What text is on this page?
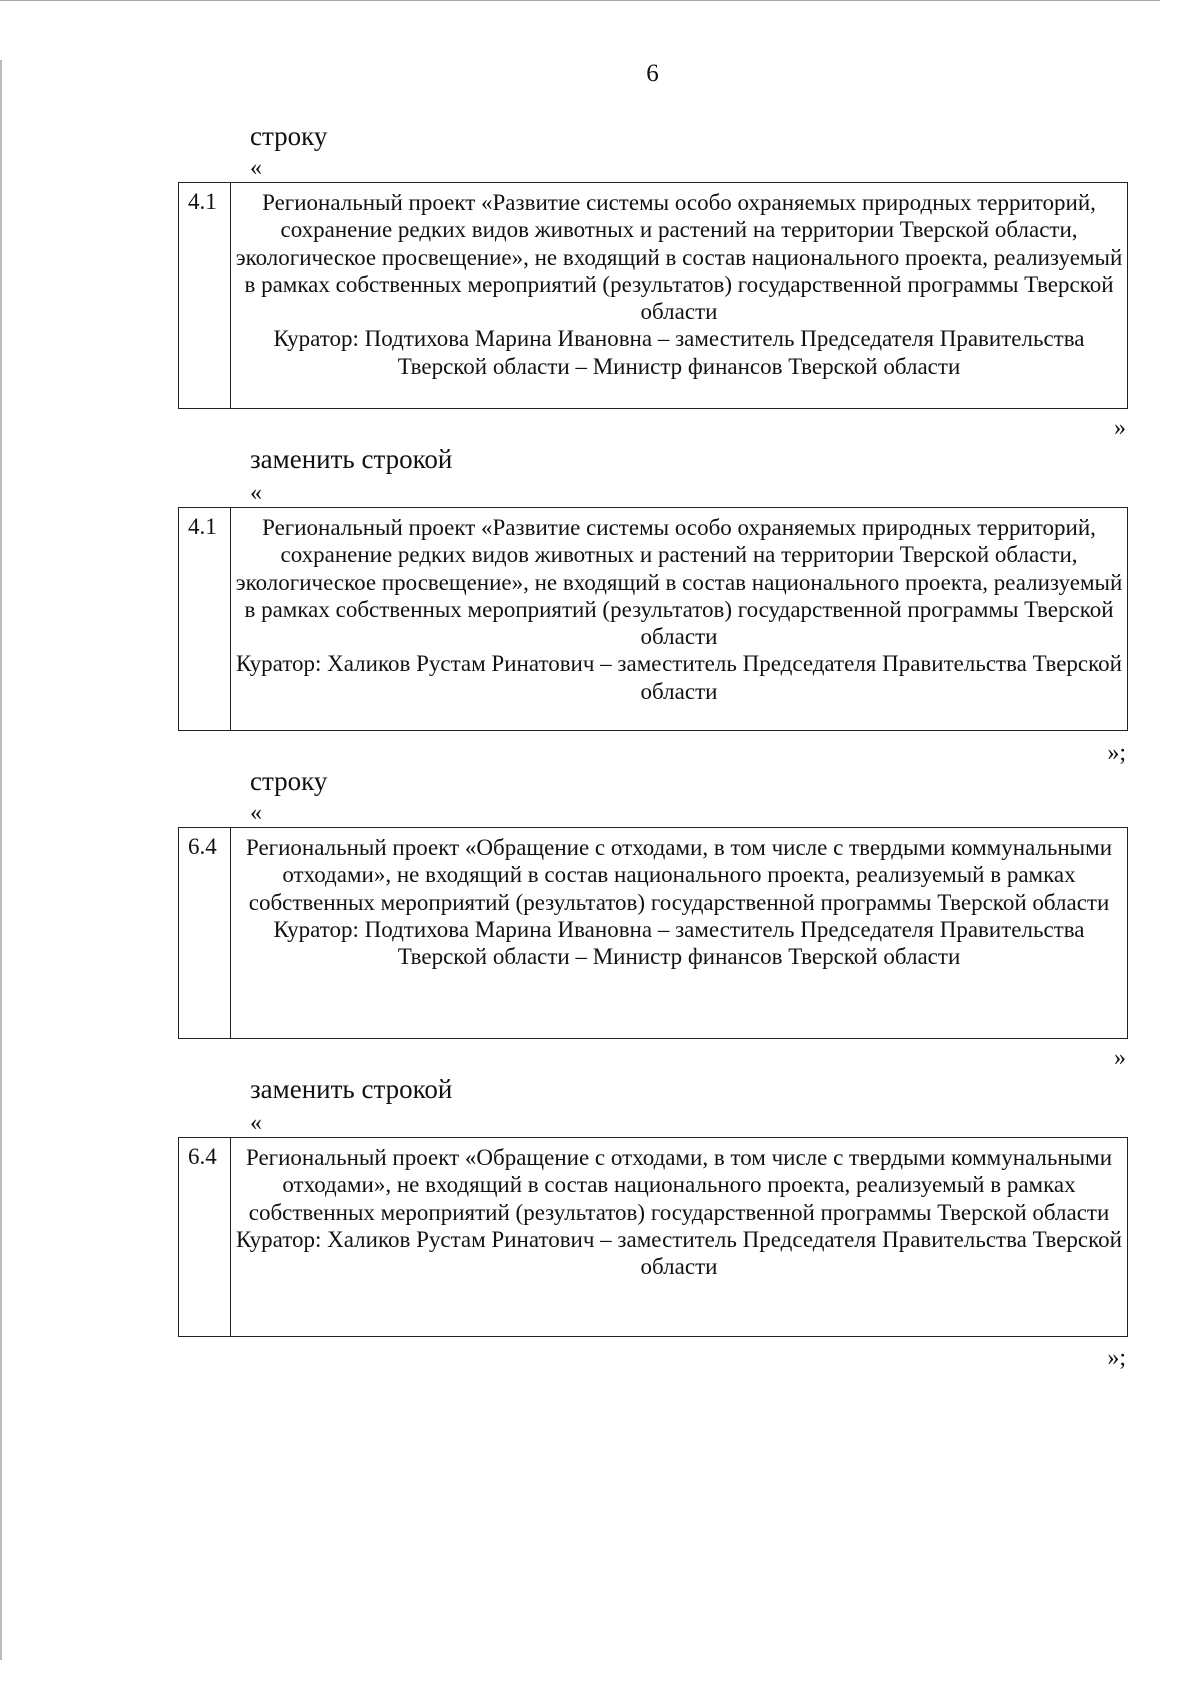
6
строку
«
4.1	Региональный проект «Развитие системы особо охраняемых природных территорий, сохранение редких видов животных и растений на территории Тверской области, экологическое просвещение», не входящий в состав национального проекта, реализуемый в рамках собственных мероприятий (результатов) государственной программы Тверской области

Куратор: Подтихова Марина Ивановна – заместитель Председателя Правительства Тверской области – Министр финансов Тверской области

»
заменить строкой
«
4.1	Региональный проект «Развитие системы особо охраняемых природных территорий, сохранение редких видов животных и растений на территории Тверской области, экологическое просвещение», не входящий в состав национального проекта, реализуемый в рамках собственных мероприятий (результатов) государственной программы Тверской области

Куратор: Халиков Рустам Ринатович – заместитель Председателя Правительства Тверской области

»;
строку
«
6.4	Региональный проект «Обращение с отходами, в том числе с твердыми коммунальными отходами», не входящий в состав национального проекта, реализуемый в рамках собственных мероприятий (результатов) государственной программы Тверской области

Куратор: Подтихова Марина Ивановна – заместитель Председателя Правительства Тверской области – Министр финансов Тверской области

»
заменить строкой
«
6.4	Региональный проект «Обращение с отходами, в том числе с твердыми коммунальными отходами», не входящий в состав национального проекта, реализуемый в рамках собственных мероприятий (результатов) государственной программы Тверской области

Куратор: Халиков Рустам Ринатович – заместитель Председателя Правительства Тверской области

»;
